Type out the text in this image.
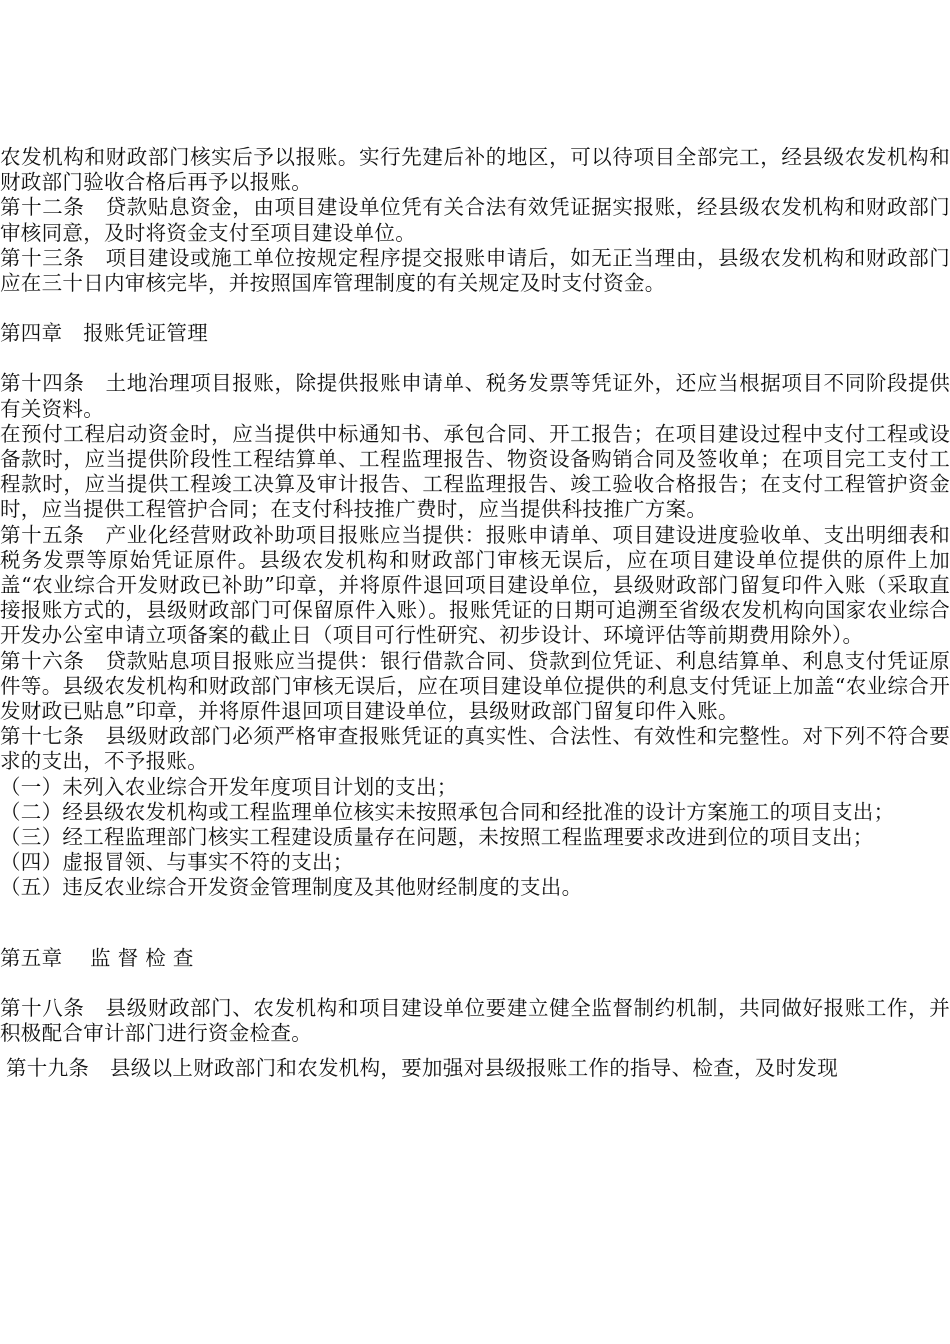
农发机构和财政部门核实后予以报账。实行先建后补的地区，可以待项目全部完工，经县级农发机构和财政部门验收合格后再予以报账。

第十二条　贷款贴息资金，由项目建设单位凭有关合法有效凭证据实报账，经县级农发机构和财政部门审核同意，及时将资金支付至项目建设单位。

第十三条　项目建设或施工单位按规定程序提交报账申请后，如无正当理由，县级农发机构和财政部门应在三十日内审核完毕，并按照国库管理制度的有关规定及时支付资金。

第四章　报账凭证管理

第十四条　土地治理项目报账，除提供报账申请单、税务发票等凭证外，还应当根据项目不同阶段提供有关资料。

在预付工程启动资金时，应当提供中标通知书、承包合同、开工报告；在项目建设过程中支付工程或设备款时，应当提供阶段性工程结算单、工程监理报告、物资设备购销合同及签收单；在项目完工支付工程款时，应当提供工程竣工决算及审计报告、工程监理报告、竣工验收合格报告；在支付工程管护资金时，应当提供工程管护合同；在支付科技推广费时，应当提供科技推广方案。

第十五条　产业化经营财政补助项目报账应当提供：报账申请单、项目建设进度验收单、支出明细表和税务发票等原始凭证原件。县级农发机构和财政部门审核无误后，应在项目建设单位提供的原件上加盖“农业综合开发财政已补助”印章，并将原件退回项目建设单位，县级财政部门留复印件入账（采取直接报账方式的，县级财政部门可保留原件入账）。报账凭证的日期可追溯至省级农发机构向国家农业综合开发办公室申请立项备案的截止日（项目可行性研究、初步设计、环境评估等前期费用除外）。

第十六条　贷款贴息项目报账应当提供：银行借款合同、贷款到位凭证、利息结算单、利息支付凭证原件等。县级农发机构和财政部门审核无误后，应在项目建设单位提供的利息支付凭证上加盖“农业综合开发财政已贴息”印章，并将原件退回项目建设单位，县级财政部门留复印件入账。

第十七条　县级财政部门必须严格审查报账凭证的真实性、合法性、有效性和完整性。对下列不符合要求的支出，不予报账。

（一）未列入农业综合开发年度项目计划的支出；

（二）经县级农发机构或工程监理单位核实未按照承包合同和经批准的设计方案施工的项目支出；

（三）经工程监理部门核实工程建设质量存在问题，未按照工程监理要求改进到位的项目支出；

（四）虚报冒领、与事实不符的支出；

（五）违反农业综合开发资金管理制度及其他财经制度的支出。

第五章　 监 督 检 查

第十八条　县级财政部门、农发机构和项目建设单位要建立健全监督制约机制，共同做好报账工作，并积极配合审计部门进行资金检查。

第十九条　县级以上财政部门和农发机构，要加强对县级报账工作的指导、检查，及时发现
